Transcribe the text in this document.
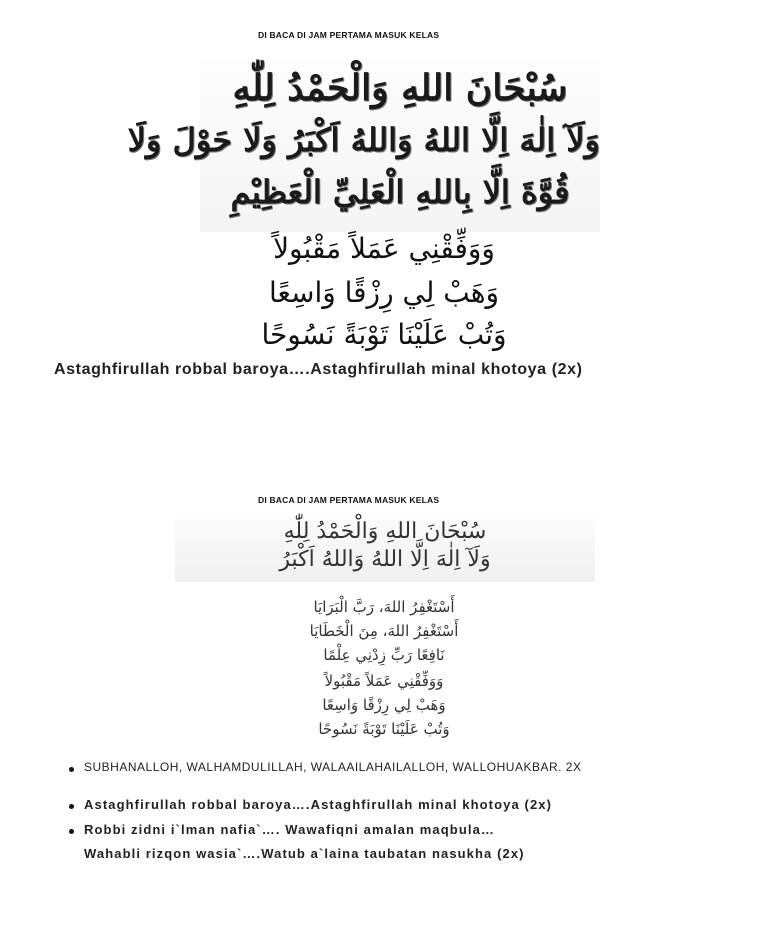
DI BACA DI JAM PERTAMA MASUK KELAS
سُبْحَانَ اللهِ وَالْحَمْدُ لِلّٰهِ
وَلَآ اِلٰهَ اِلَّا اللهُ وَاللهُ اَكْبَرُ وَلَا حَوْلَ وَلَا
قُوَّةَ اِلَّا بِاللهِ الْعَلِيِّ الْعَظِيْمِ
وَوَفِّقْنِي عَمَلاً مَقْبُولاً
وَهَبْ لِي رِزْقًا وَاسِعًا
وَتُبْ عَلَيْنَا تَوْبَةً نَسُوحًا
Astaghfirullah robbal baroya….Astaghfirullah minal khotoya (2x)
DI BACA DI JAM PERTAMA MASUK KELAS
سُبْحَانَ اللهِ وَالْحَمْدُ لِلّٰهِ
وَلَآ اِلٰهَ اِلَّا اللهُ وَاللهُ اَكْبَرُ
أَسْتَغْفِرُ اللهَ، رَبَّ الْبَرَايَا
أَسْتَغْفِرُ اللهَ، مِنَ الْخَطَايَا
نَافِعًا رَبِّ زِدْنِي عِلْمًا
وَوَفِّقْنِي عَمَلاً مَقْبُولاً
وَهَبْ لِي رِزْقًا وَاسِعًا
وَتُبْ عَلَيْنَا تَوْبَةً نَسُوحًا
SUBHANALLOH, WALHAMDULILLAH, WALAAILAHAILALLOH, WALLOHUAKBAR. 2X
Astaghfirullah robbal baroya….Astaghfirullah minal khotoya (2x)
Robbi zidni i`lman nafia`…. Wawafiqni amalan maqbula…
Wahabli rizqon wasia`….Watub a`laina taubatan nasukha (2x)
